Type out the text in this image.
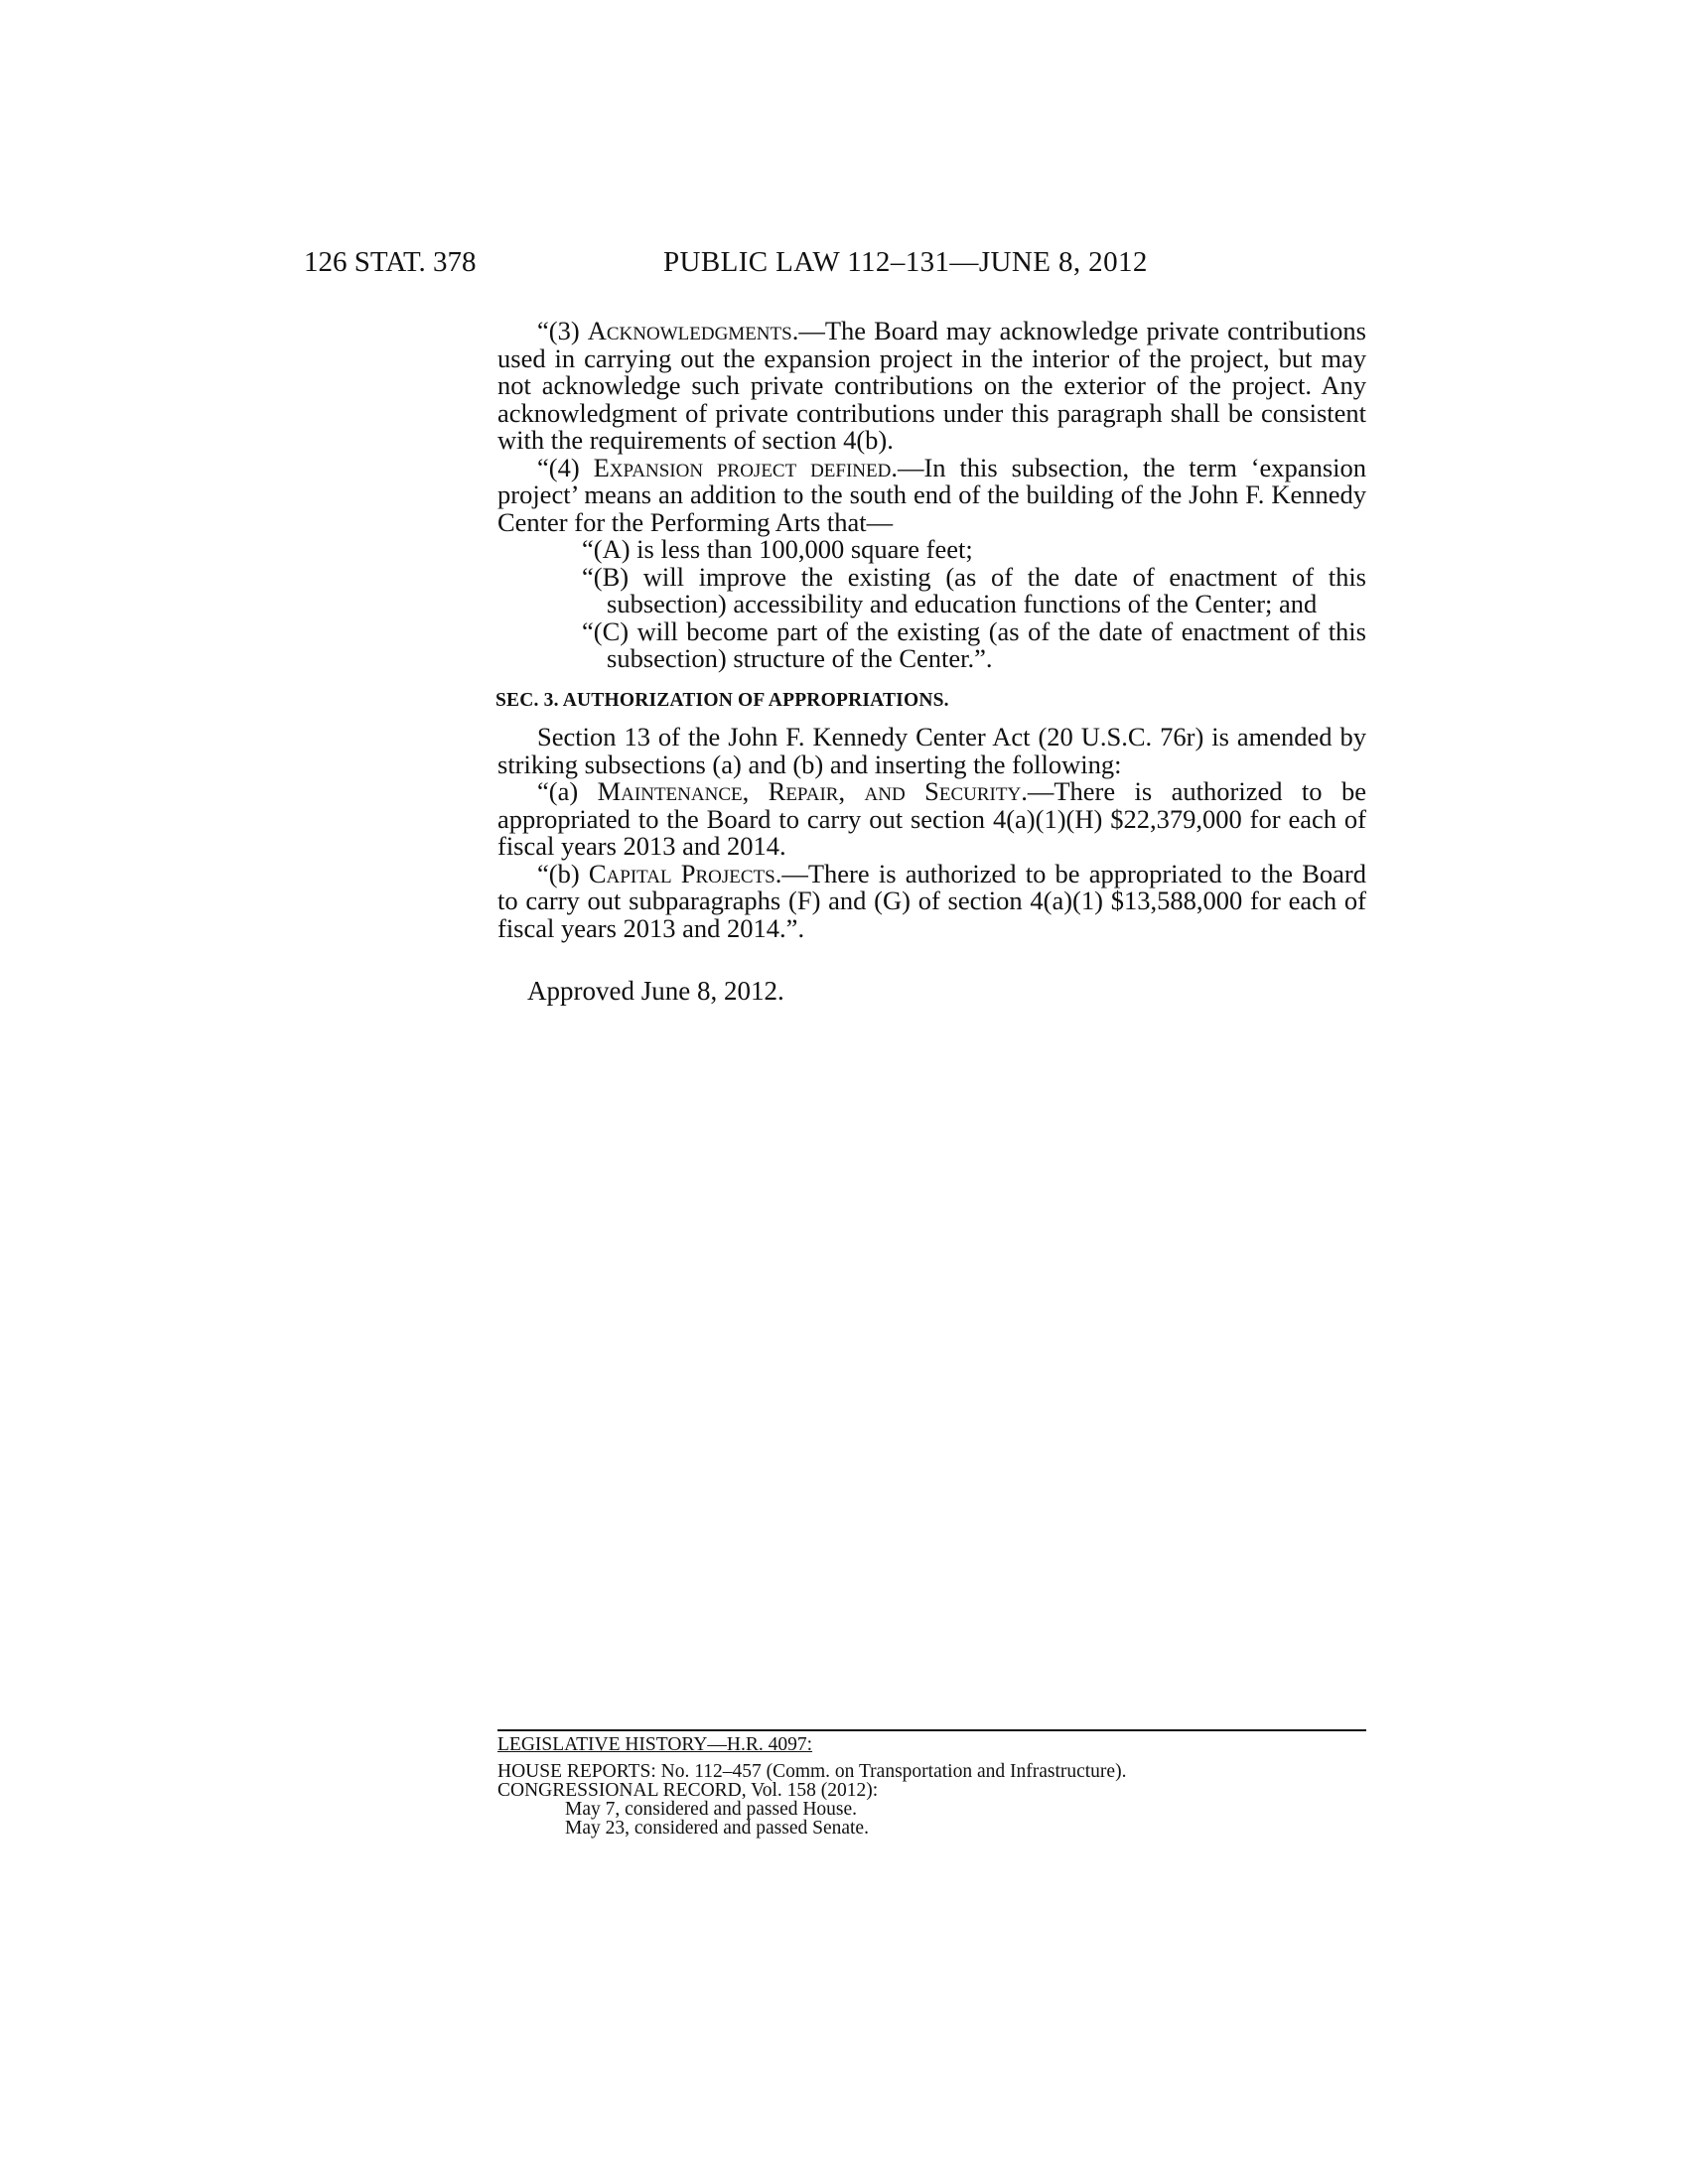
126 STAT. 378	PUBLIC LAW 112–131—JUNE 8, 2012

“(3) Acknowledgments.—The Board may acknowledge private contributions used in carrying out the expansion project in the interior of the project, but may not acknowledge such private contributions on the exterior of the project. Any acknowledgment of private contributions under this paragraph shall be consistent with the requirements of section 4(b).

“(4) Expansion project defined.—In this subsection, the term ‘expansion project’ means an addition to the south end of the building of the John F. Kennedy Center for the Performing Arts that—

“(A) is less than 100,000 square feet;

“(B) will improve the existing (as of the date of enactment of this subsection) accessibility and education functions of the Center; and

“(C) will become part of the existing (as of the date of enactment of this subsection) structure of the Center.”.

SEC. 3. AUTHORIZATION OF APPROPRIATIONS.

Section 13 of the John F. Kennedy Center Act (20 U.S.C. 76r) is amended by striking subsections (a) and (b) and inserting the following:

“(a) Maintenance, Repair, and Security.—There is authorized to be appropriated to the Board to carry out section 4(a)(1)(H) $22,379,000 for each of fiscal years 2013 and 2014.

“(b) Capital Projects.—There is authorized to be appropriated to the Board to carry out subparagraphs (F) and (G) of section 4(a)(1) $13,588,000 for each of fiscal years 2013 and 2014.”.

Approved June 8, 2012.
LEGISLATIVE HISTORY—H.R. 4097:

HOUSE REPORTS: No. 112–457 (Comm. on Transportation and Infrastructure).

CONGRESSIONAL RECORD, Vol. 158 (2012):

May 7, considered and passed House.

May 23, considered and passed Senate.
